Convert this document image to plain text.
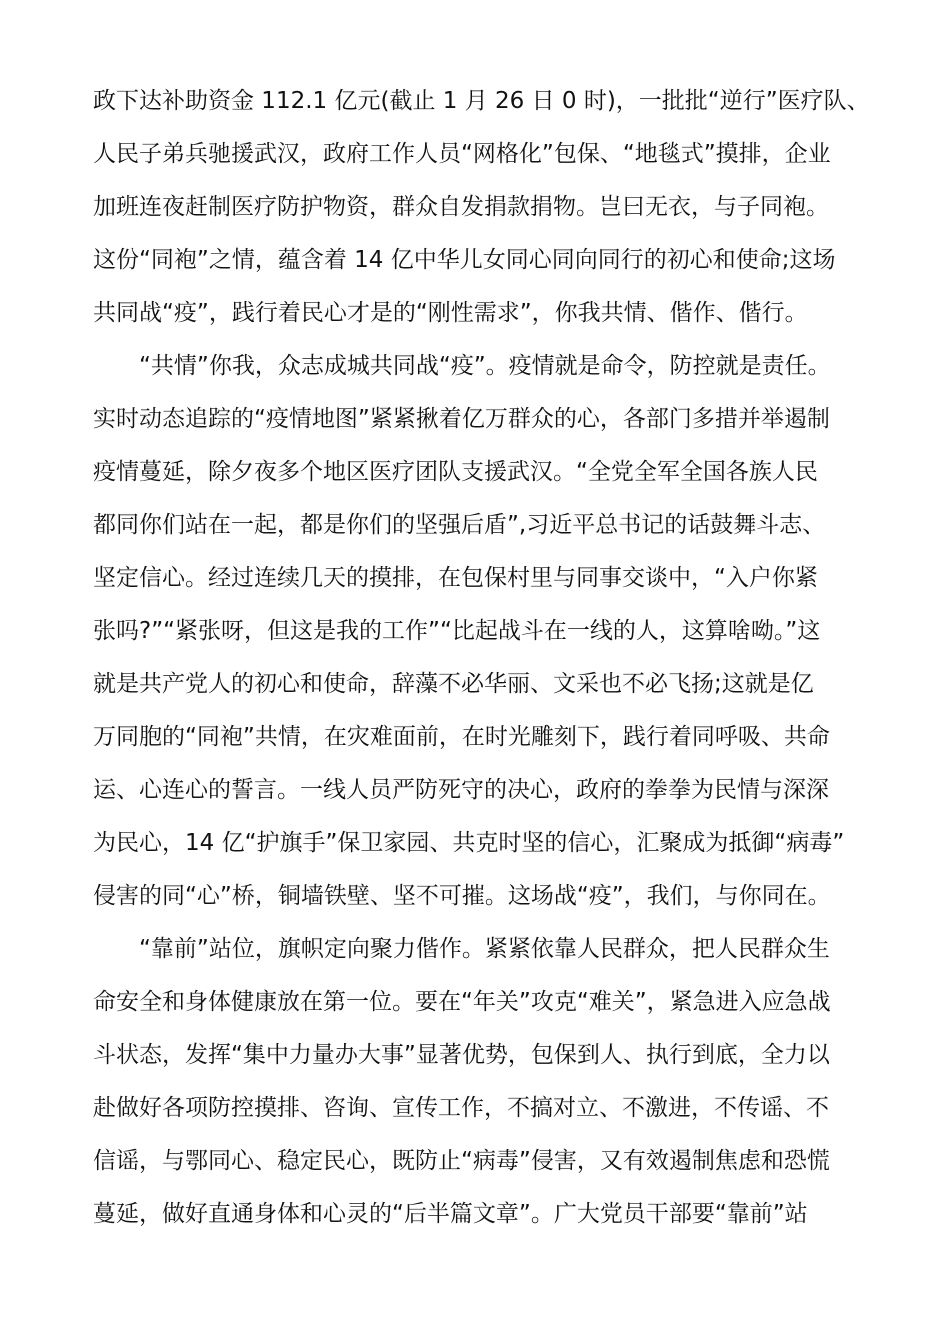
政下达补助资金 112.1 亿元(截止 1 月 26 日 0 时)，一批批“逆行”医疗队、
人民子弟兵驰援武汉，政府工作人员“网格化”包保、“地毯式”摸排，企业
加班连夜赶制医疗防护物资，群众自发捐款捐物。岂曰无衣，与子同袍。
这份“同袍”之情，蕴含着 14 亿中华儿女同心同向同行的初心和使命;这场
共同战“疫”，践行着民心才是的“刚性需求”，你我共情、偕作、偕行。
“共情”你我，众志成城共同战“疫”。疫情就是命令，防控就是责任。
实时动态追踪的“疫情地图”紧紧揪着亿万群众的心，各部门多措并举遏制
疫情蔓延，除夕夜多个地区医疗团队支援武汉。“全党全军全国各族人民
都同你们站在一起，都是你们的坚强后盾”,习近平总书记的话鼓舞斗志、
坚定信心。经过连续几天的摸排，在包保村里与同事交谈中，“入户你紧
张吗?”“紧张呀，但这是我的工作”“比起战斗在一线的人，这算啥呦。”这
就是共产党人的初心和使命，辞藻不必华丽、文采也不必飞扬;这就是亿
万同胞的“同袍”共情，在灾难面前，在时光雕刻下，践行着同呼吸、共命
运、心连心的誓言。一线人员严防死守的决心，政府的拳拳为民情与深深
为民心，14 亿“护旗手”保卫家园、共克时坚的信心，汇聚成为抵御“病毒”
侵害的同“心”桥，铜墙铁壁、坚不可摧。这场战“疫”，我们，与你同在。
“靠前”站位，旗帜定向聚力偕作。紧紧依靠人民群众，把人民群众生
命安全和身体健康放在第一位。要在“年关”攻克“难关”，紧急进入应急战
斗状态，发挥“集中力量办大事”显著优势，包保到人、执行到底，全力以
赴做好各项防控摸排、咨询、宣传工作，不搞对立、不激进，不传谣、不
信谣，与鄂同心、稳定民心，既防止“病毒”侵害，又有效遏制焦虑和恐慌
蔓延，做好直通身体和心灵的“后半篇文章”。广大党员干部要“靠前”站
